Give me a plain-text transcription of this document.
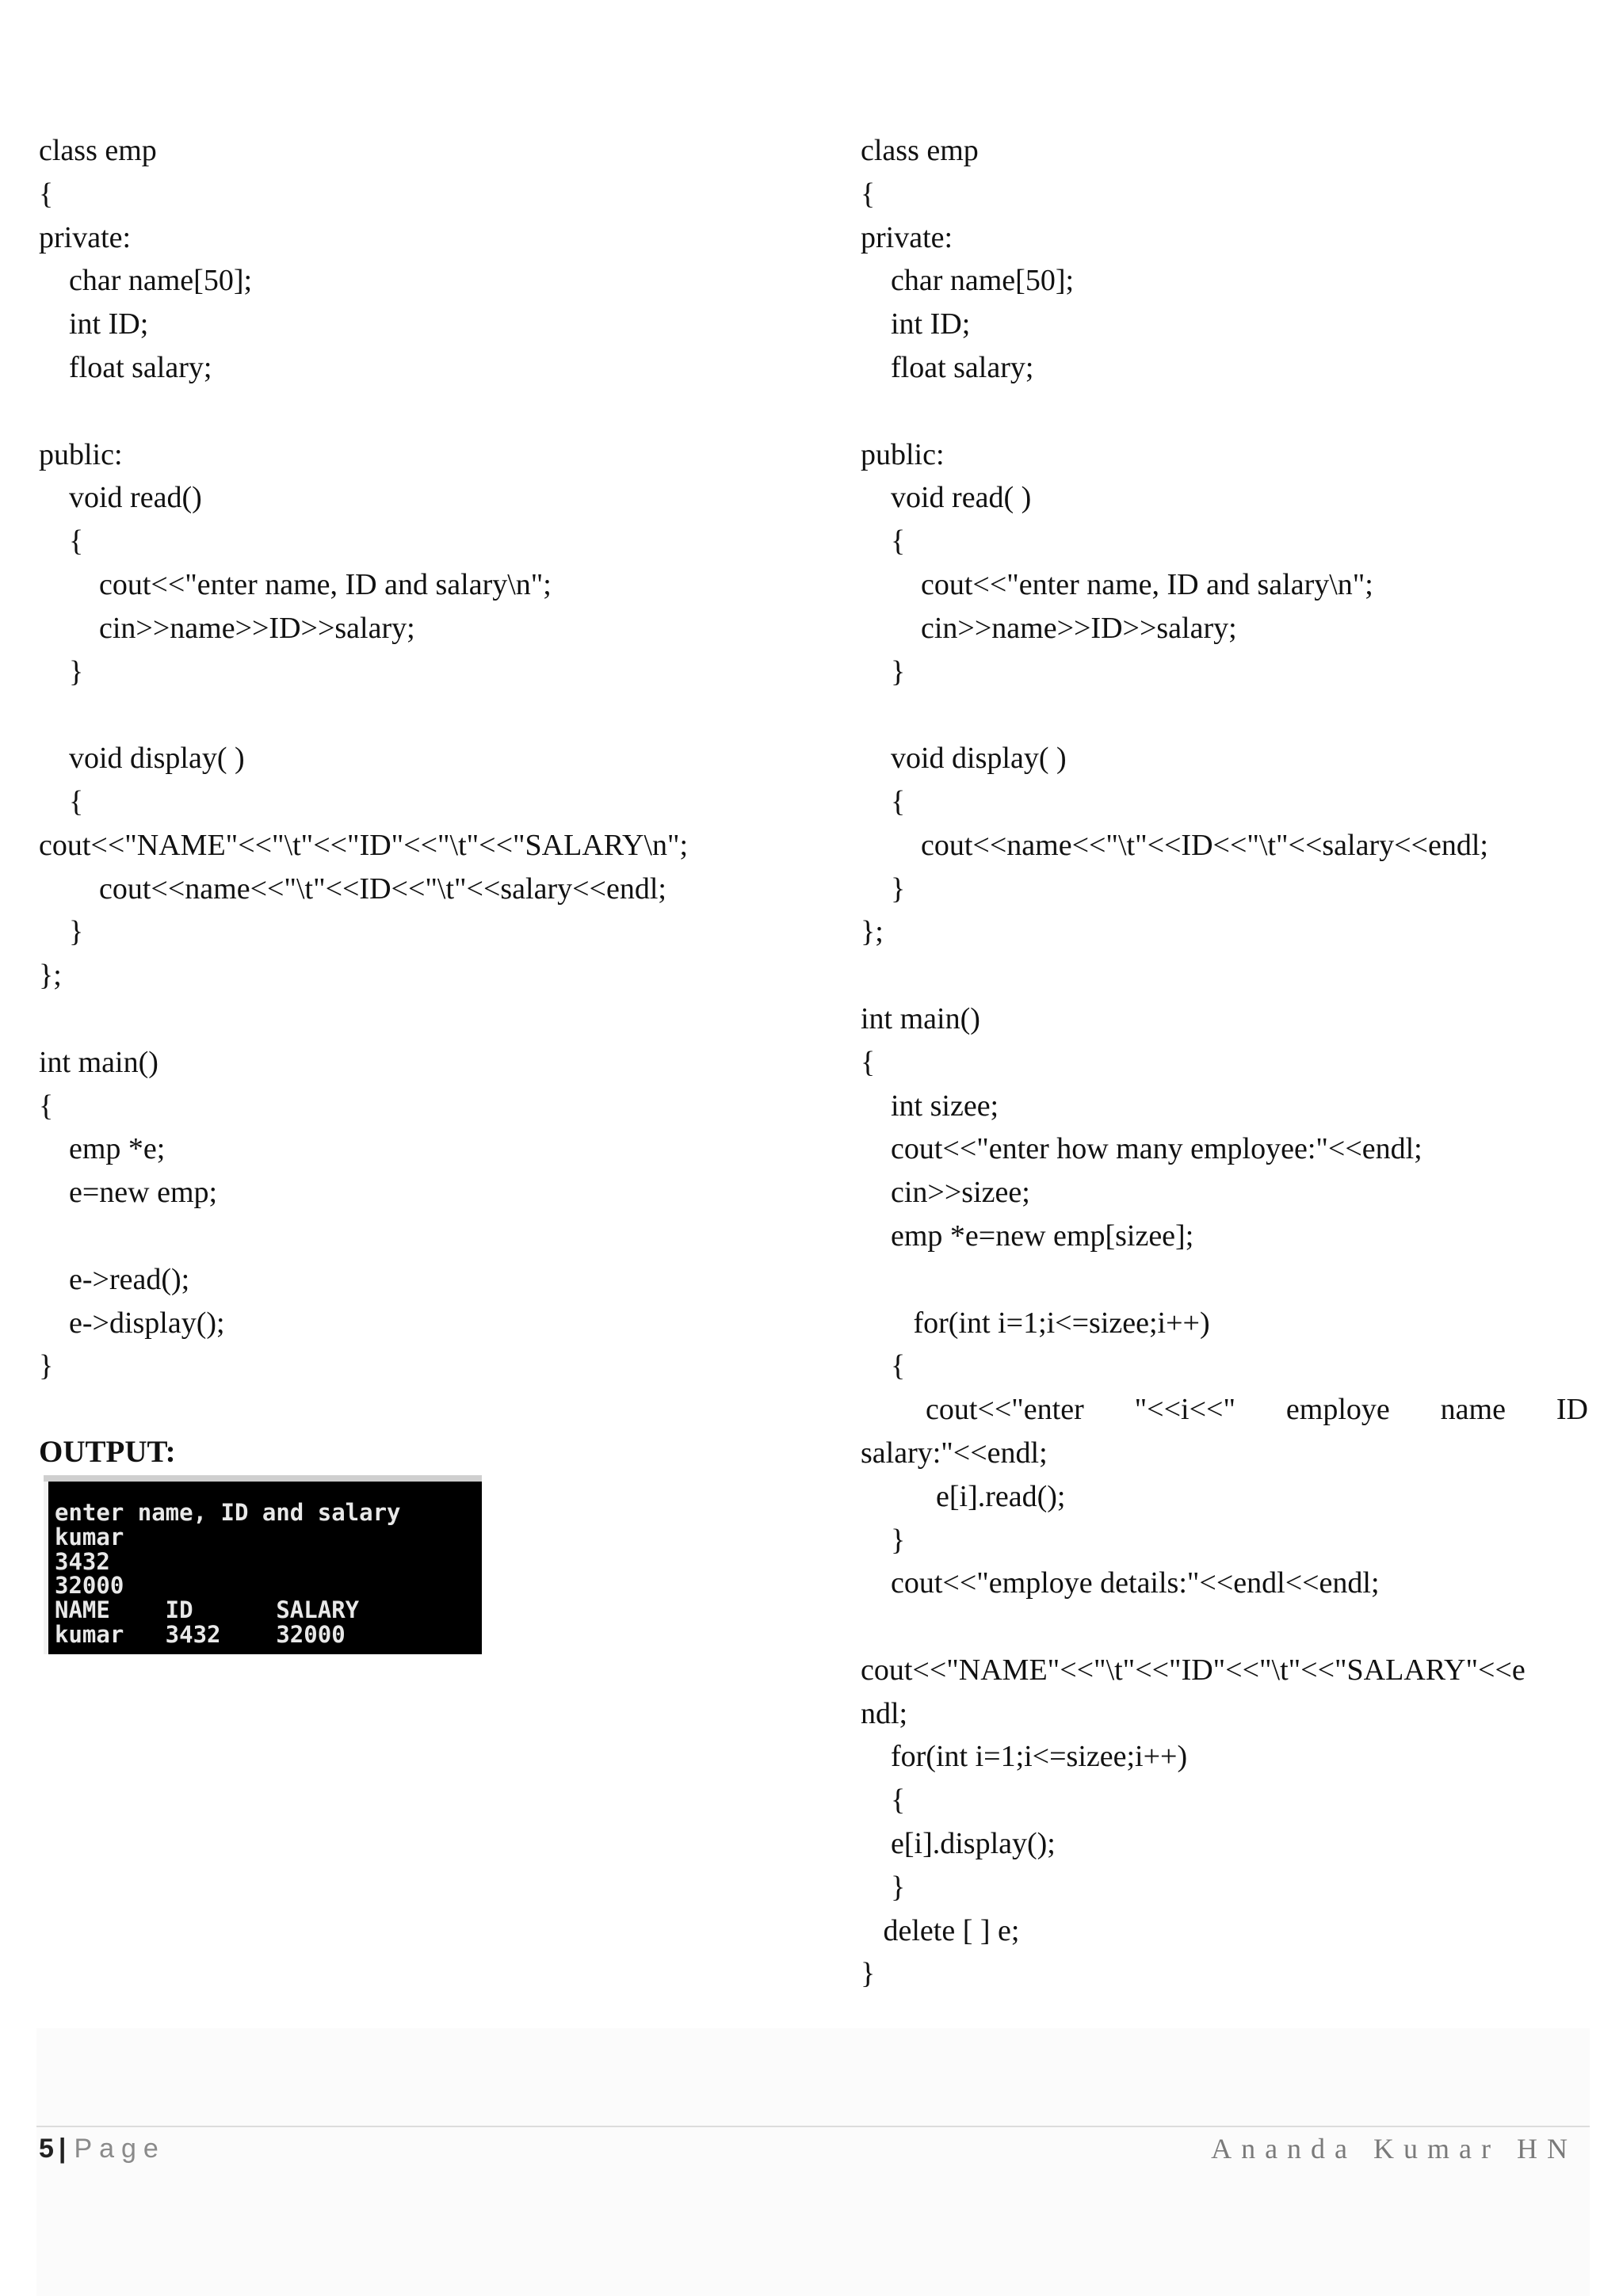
class emp
{
private:
char name[50];
int ID;
float salary;
public:
void read()
{
cout<<"enter name, ID and salary\n";
cin>>name>>ID>>salary;
}
void display( )
{
cout<<"NAME"<<"\t"<<"ID"<<"\t"<<"SALARY\n";
cout<<name<<"\t"<<ID<<"\t"<<salary<<endl;
}
};
int main()
{
emp *e;
e=new emp;
e->read();
e->display();
}
OUTPUT:
enter name, ID and salary
kumar
3432
32000
NAME    ID      SALARY
kumar   3432    32000
class emp
{
private:
char name[50];
int ID;
float salary;
public:
void read( )
{
cout<<"enter name, ID and salary\n";
cin>>name>>ID>>salary;
}
void display( )
{
cout<<name<<"\t"<<ID<<"\t"<<salary<<endl;
}
};
int main()
{
int sizee;
cout<<"enter how many employee:"<<endl;
cin>>sizee;
emp *e=new emp[sizee];
for(int i=1;i<=sizee;i++)
{
cout<<"enter "<<i<<" employe name ID
salary:"<<endl;
e[i].read();
}
cout<<"employe details:"<<endl<<endl;
cout<<"NAME"<<"\t"<<"ID"<<"\t"<<"SALARY"<<e
ndl;
for(int i=1;i<=sizee;i++)
{
e[i].display();
}
delete [ ] e;
}
5 | Page	Ananda Kumar HN
